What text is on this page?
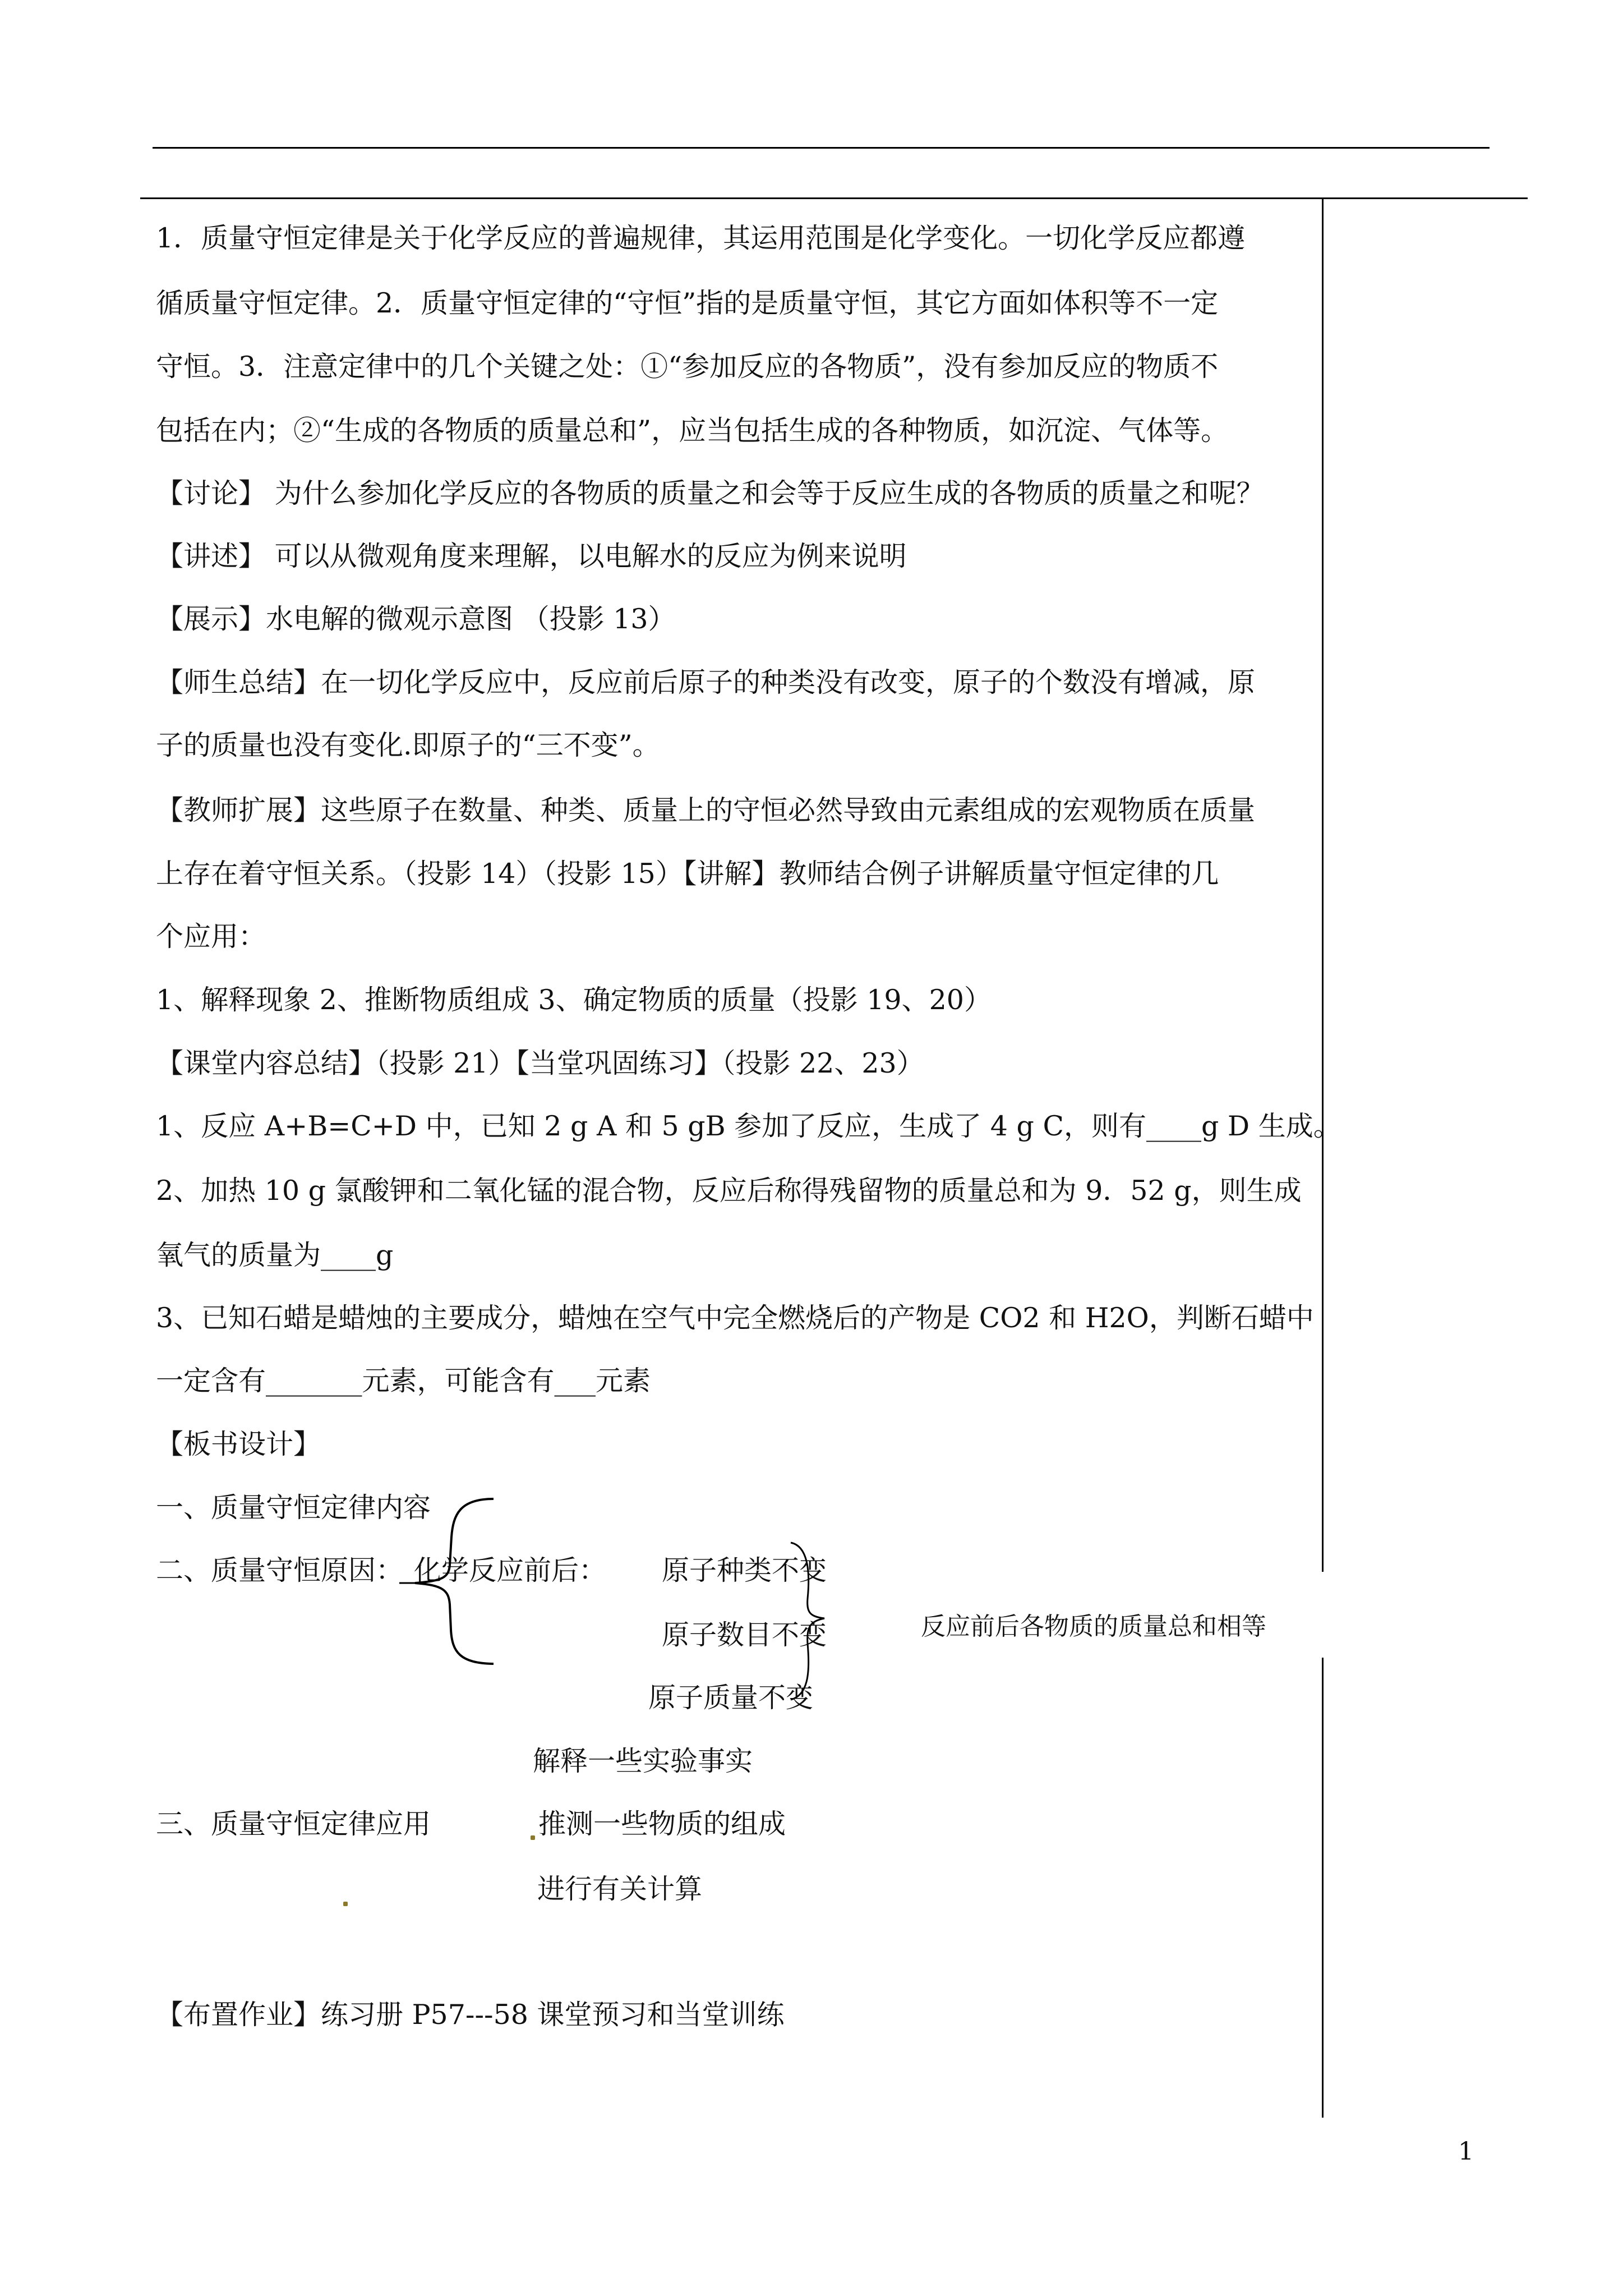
1．质量守恒定律是关于化学反应的普遍规律，其运用范围是化学变化。一切化学反应都遵
循质量守恒定律。2．质量守恒定律的“守恒”指的是质量守恒，其它方面如体积等不一定
守恒。3．注意定律中的几个关键之处：①“参加反应的各物质”，没有参加反应的物质不
包括在内；②“生成的各物质的质量总和”，应当包括生成的各种物质，如沉淀、气体等。
【讨论】 为什么参加化学反应的各物质的质量之和会等于反应生成的各物质的质量之和呢？
【讲述】 可以从微观角度来理解，以电解水的反应为例来说明
【展示】水电解的微观示意图 （投影 13）
【师生总结】在一切化学反应中，反应前后原子的种类没有改变，原子的个数没有增减，原
子的质量也没有变化.即原子的“三不变”。
【教师扩展】这些原子在数量、种类、质量上的守恒必然导致由元素组成的宏观物质在质量
上存在着守恒关系。（投影 14）（投影 15）【讲解】教师结合例子讲解质量守恒定律的几
个应用：
1、解释现象 2、推断物质组成 3、确定物质的质量（投影 19、20）
【课堂内容总结】（投影 21）【当堂巩固练习】（投影 22、23）
1、反应 A+B=C+D 中，已知 2 g A 和 5 gB 参加了反应，生成了 4 g C，则有____g D 生成。
2、加热 10 g 氯酸钾和二氧化锰的混合物，反应后称得残留物的质量总和为 9．52 g，则生成
氧气的质量为____g
3、已知石蜡是蜡烛的主要成分，蜡烛在空气中完全燃烧后的产物是 CO2 和 H2O，判断石蜡中
一定含有_______元素，可能含有___元素
【板书设计】
一、质量守恒定律内容
二、质量守恒原因： 化学反应前后： 原子种类不变
原子数目不变	反应前后各物质的质量总和相等
原子质量不变
解释一些实验事实
三、质量守恒定律应用	推测一些物质的组成
进行有关计算
【布置作业】练习册 P57---58 课堂预习和当堂训练
1
